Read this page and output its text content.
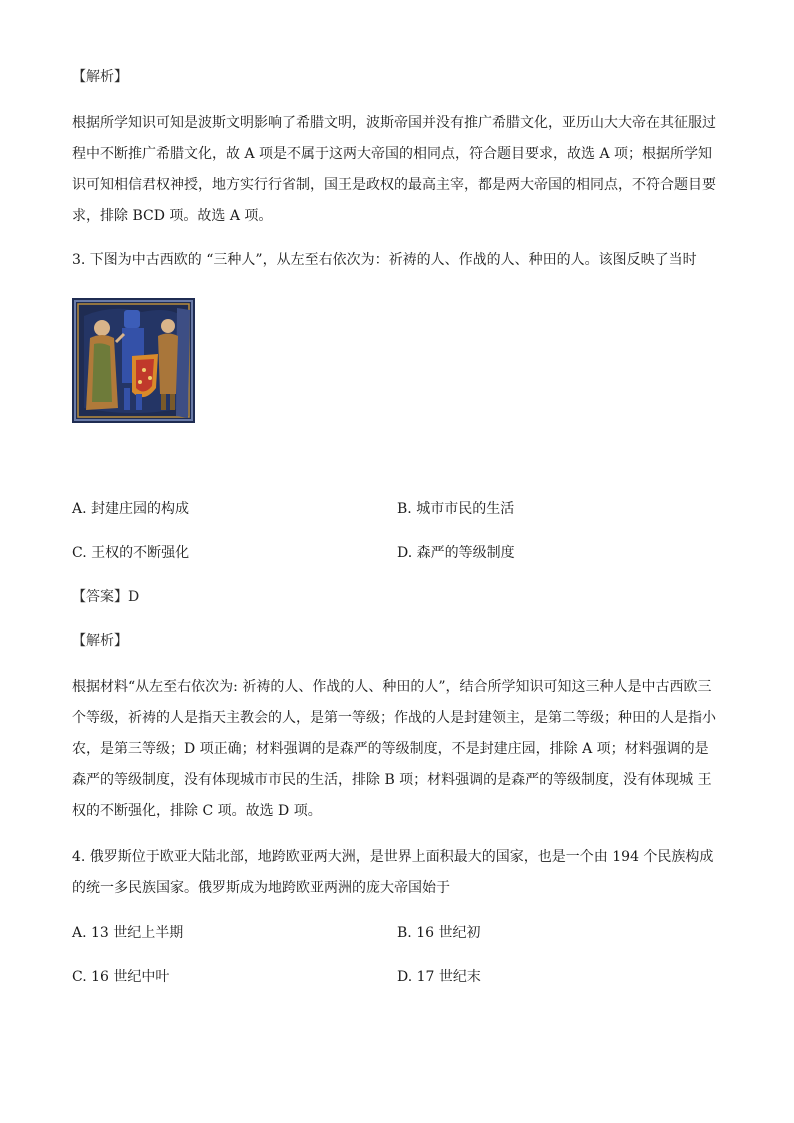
【解析】

根据所学知识可知是波斯文明影响了希腊文明，波斯帝国并没有推广希腊文化，亚历山大大帝在其征服过程中不断推广希腊文化，故 A 项是不属于这两大帝国的相同点，符合题目要求，故选 A 项；根据所学知识可知相信君权神授，地方实行行省制，国王是政权的最高主宰，都是两大帝国的相同点，不符合题目要求，排除 BCD 项。故选 A 项。

3. 下图为中古西欧的 “三种人”，从左至右依次为：祈祷的人、作战的人、种田的人。该图反映了当时

A. 封建庄园的构成	B. 城市市民的生活
C. 王权的不断强化	D. 森严的等级制度
【答案】D
【解析】

根据材料“从左至右依次为: 祈祷的人、作战的人、种田的人”，结合所学知识可知这三种人是中古西欧三个等级，祈祷的人是指天主教会的人，是第一等级；作战的人是封建领主，是第二等级；种田的人是指小农，是第三等级；D 项正确；材料强调的是森严的等级制度，不是封建庄园，排除 A 项；材料强调的是森严的等级制度，没有体现城市市民的生活，排除 B 项；材料强调的是森严的等级制度，没有体现城 王权的不断强化，排除 C 项。故选 D 项。

4. 俄罗斯位于欧亚大陆北部，地跨欧亚两大洲，是世界上面积最大的国家，也是一个由 194 个民族构成的统一多民族国家。俄罗斯成为地跨欧亚两洲的庞大帝国始于

A. 13 世纪上半期	B. 16 世纪初
C. 16 世纪中叶	D. 17 世纪末
